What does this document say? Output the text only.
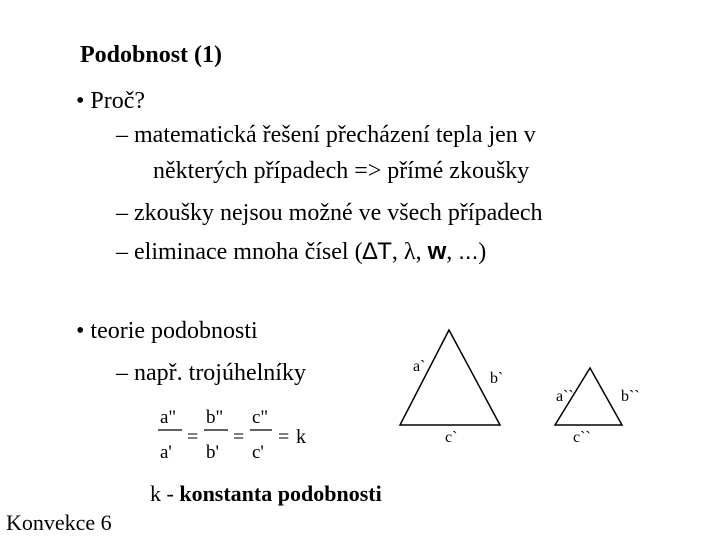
Podobnost (1)
• Proč?
– matematická řešení přecházení tepla jen v
některých případech => přímé zkoušky
– zkoušky nejsou možné ve všech případech
– eliminace mnoha čísel (∆T, λ, w, ...)
• teorie podobnosti
– např. trojúhelníky
a"
a'
=
b"
b'
=
c"
c'
= k
a`
b`
c`
a``	b``
c``
k - konstanta podobnosti
Konvekce 6
